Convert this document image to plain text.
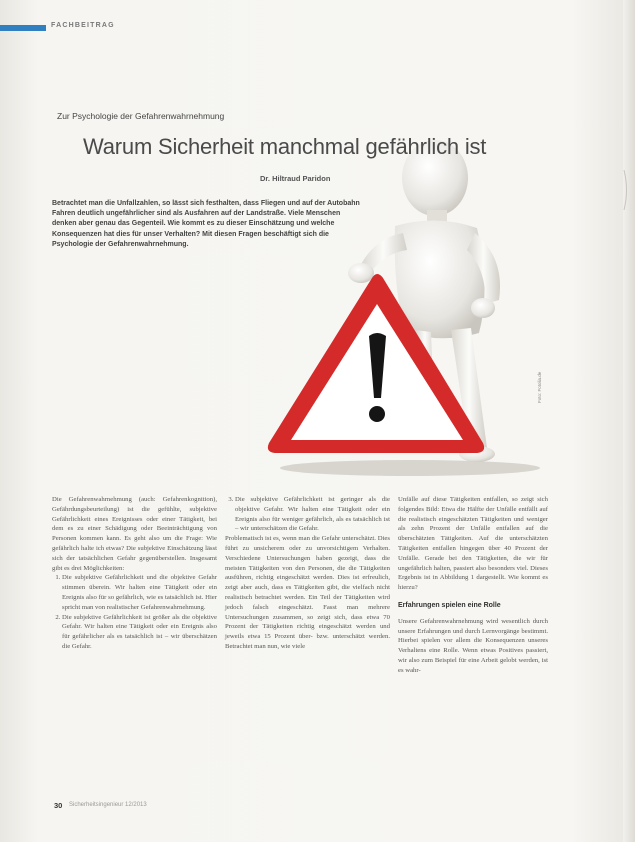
FACHBEITRAG
Zur Psychologie der Gefahrenwahrnehmung
Warum Sicherheit manchmal gefährlich ist
Dr. Hiltraud Paridon

Betrachtet man die Unfallzahlen, so lässt sich festhalten, dass Fliegen und auf der Autobahn Fahren deutlich ungefährlicher sind als Ausfahren auf der Landstraße. Viele Menschen denken aber genau das Gegenteil. Wie kommt es zu dieser Einschätzung und welche Konsequenzen hat dies für unser Verhalten? Mit diesen Fragen beschäftigt sich die Psychologie der Gefahrenwahrnehmung.

Foto: Fotolia.de

Die Gefahrenwahrnehmung (auch: Gefahrenkognition), Gefährdungsbeurteilung) ist die gefühlte, subjektive Gefährlichkeit eines Ereignisses oder einer Tätigkeit, bei dem es zu einer Schädigung oder Beeinträchtigung von Personen kommen kann. Es geht also um die Frage: Wie gefährlich halte ich etwas? Die subjektive Einschätzung lässt sich der tatsächlichen Gefahr gegenüberstellen. Insgesamt gibt es drei Möglichkeiten:

1. Die subjektive Gefährlichkeit und die objektive Gefahr stimmen überein. Wir halten eine Tätigkeit oder ein Ereignis also für so gefährlich, wie es tatsächlich ist. Hier spricht man von realistischer Gefahrenwahrnehmung.
2. Die subjektive Gefährlichkeit ist größer als die objektive Gefahr. Wir halten eine Tätigkeit oder ein Ereignis also für gefährlicher als es tatsächlich ist – wir überschätzen die Gefahr.
3. Die subjektive Gefährlichkeit ist geringer als die objektive Gefahr. Wir halten eine Tätigkeit oder ein Ereignis also für weniger gefährlich, als es tatsächlich ist – wir unterschätzen die Gefahr.

Problematisch ist es, wenn man die Gefahr unterschätzt. Dies führt zu unsicherem oder zu unvorsichtigem Verhalten. Verschiedene Untersuchungen haben gezeigt, dass die meisten Tätigkeiten von den Personen, die die Tätigkeiten ausführen, richtig eingeschätzt werden. Dies ist erfreulich, zeigt aber auch, dass es Tätigkeiten gibt, die vielfach nicht realistisch betrachtet werden. Ein Teil der Tätigkeiten wird jedoch falsch eingeschätzt. Fasst man mehrere Untersuchungen zusammen, so zeigt sich, dass etwa 70 Prozent der Tätigkeiten richtig eingeschätzt werden und jeweils etwa 15 Prozent über- bzw. unterschätzt werden. Betrachtet man nun, wie viele

Unfälle auf diese Tätigkeiten entfallen, so zeigt sich folgendes Bild: Etwa die Hälfte der Unfälle entfällt auf die realistisch eingeschätzten Tätigkeiten und weniger als zehn Prozent der Unfälle entfallen auf die überschätzten Tätigkeiten. Auf die unterschätzten Tätigkeiten entfallen hingegen über 40 Prozent der Unfälle. Gerade bei den Tätigkeiten, die wir für ungefährlich halten, passiert also besonders viel. Dieses Ergebnis ist in Abbildung 1 dargestellt. Wie kommt es hierzu?

Erfahrungen spielen eine Rolle

Unsere Gefahrenwahrnehmung wird wesentlich durch unsere Erfahrungen und durch Lernvorgänge bestimmt. Hierbei spielen vor allem die Konsequenzen unseres Verhaltens eine Rolle. Wenn etwas Positives passiert, wir also zum Beispiel für eine Arbeit gelobt werden, ist es wahr-

30 Sicherheitsingenieur 12/2013
